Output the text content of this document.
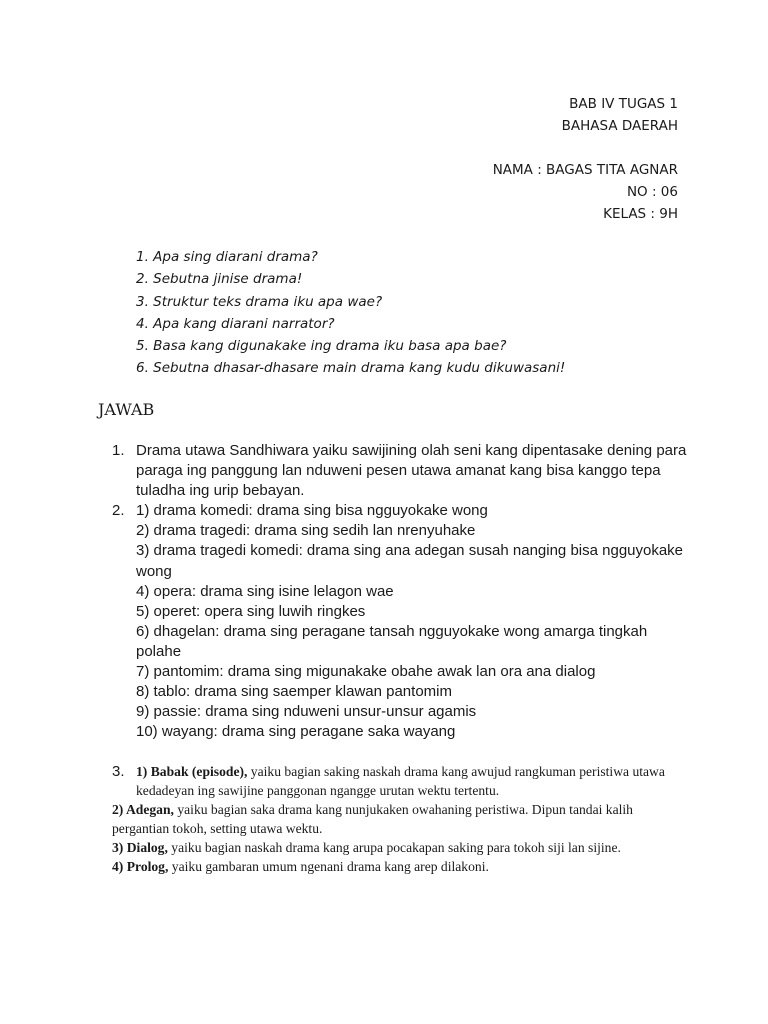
BAB IV TUGAS 1
BAHASA DAERAH
NAMA : BAGAS TITA AGNAR
NO : 06
KELAS : 9H
1. Apa sing diarani drama?
2. Sebutna jinise drama!
3. Struktur teks drama iku apa wae?
4. Apa kang diarani narrator?
5. Basa kang digunakake ing drama iku basa apa bae?
6. Sebutna dhasar-dhasare main drama kang kudu dikuwasani!
JAWAB
1. Drama utawa Sandhiwara yaiku sawijining olah seni kang dipentasake dening para paraga ing panggung lan nduweni pesen utawa amanat kang bisa kanggo tepa tuladha ing urip bebayan.
2. 1) drama komedi: drama sing bisa ngguyokake wong
2) drama tragedi: drama sing sedih lan nrenyuhake
3) drama tragedi komedi: drama sing ana adegan susah nanging bisa ngguyokake wong
4) opera: drama sing isine lelagon wae
5) operet: opera sing luwih ringkes
6) dhagelan: drama sing peragane tansah ngguyokake wong amarga tingkah polahe
7) pantomim: drama sing migunakake obahe awak lan ora ana dialog
8) tablo: drama sing saemper klawan pantomim
9) passie: drama sing nduweni unsur-unsur agamis
10) wayang: drama sing peragane saka wayang
3. 1) Babak (episode), yaiku bagian saking naskah drama kang awujud rangkuman peristiwa utawa kedadeyan ing sawijine panggonan ngangge urutan wektu tertentu.
2) Adegan, yaiku bagian saka drama kang nunjukaken owahaning peristiwa. Dipun tandai kalih pergantian tokoh, setting utawa wektu.
3) Dialog, yaiku bagian naskah drama kang arupa pocakapan saking para tokoh siji lan sijine.
4) Prolog, yaiku gambaran umum ngenani drama kang arep dilakoni.
